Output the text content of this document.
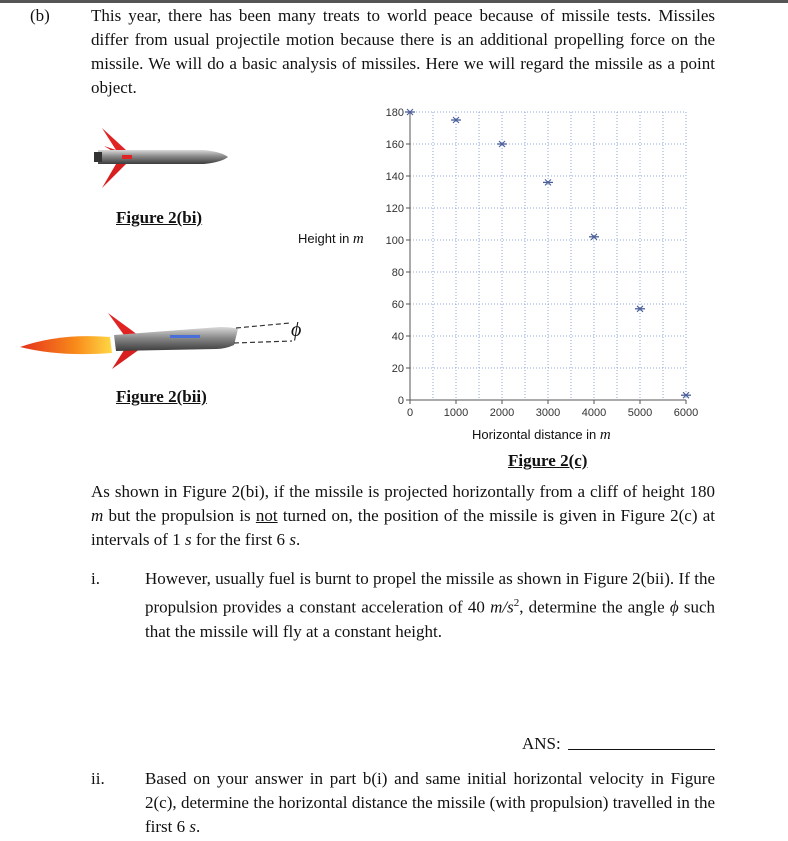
(b) This year, there has been many treats to world peace because of missile tests. Missiles differ from usual projectile motion because there is an additional propelling force on the missile. We will do a basic analysis of missiles. Here we will regard the missile as a point object.
Figure 2(bi)
ϕ
Figure 2(bii)
Height in m
0
20
40
60
80
100
120
140
160
180
0	1000 2000 3000 4000 5000 6000
Horizontal distance in m
Figure 2(c)
As shown in Figure 2(bi), if the missile is projected horizontally from a cliff of height 180 m but the propulsion is not turned on, the position of the missile is given in Figure 2(c) at intervals of 1 s for the first 6 s.
i.	However, usually fuel is burnt to propel the missile as shown in Figure 2(bii). If the propulsion provides a constant acceleration of 40 $m/s^2$, determine the angle ϕ such that the missile will fly at a constant height.
ANS:
ii. Based on your answer in part b(i) and same initial horizontal velocity in Figure 2(c), determine the horizontal distance the missile (with propulsion) travelled in the first 6 s.
